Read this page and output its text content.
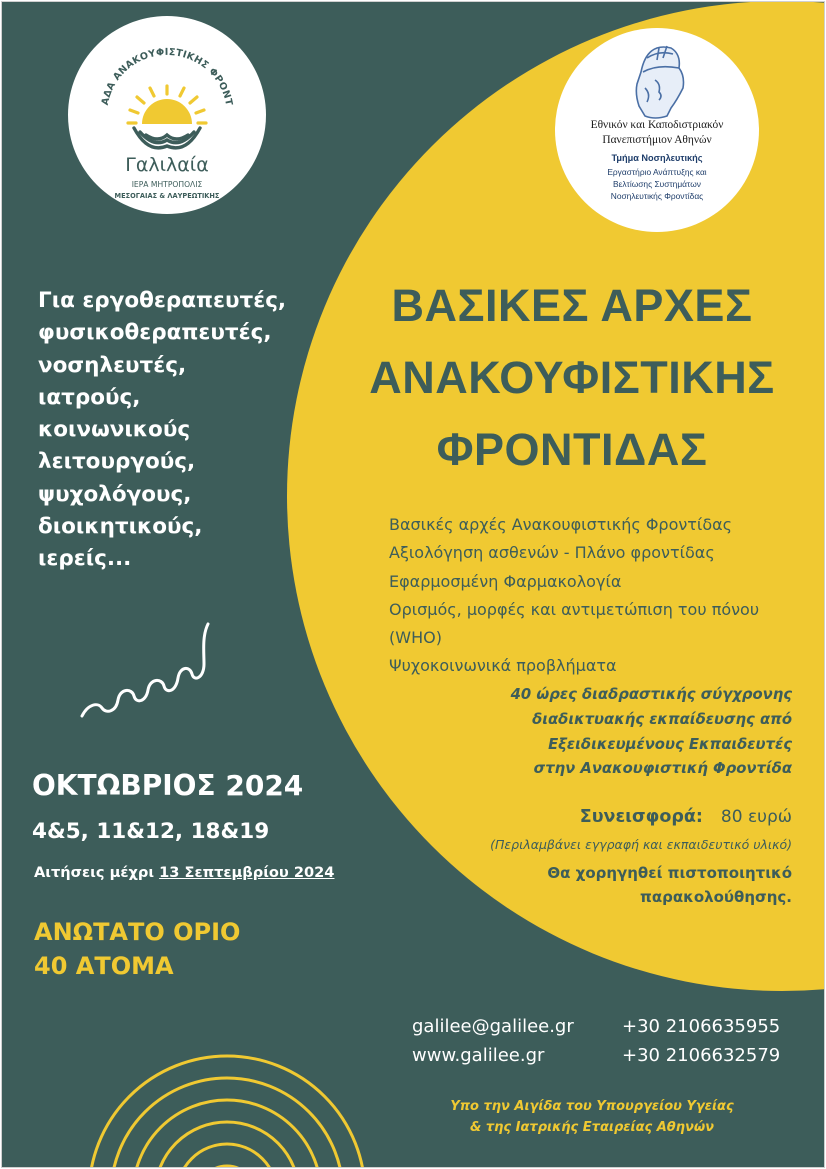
ΑΔΑ ΑΝΑΚΟΥΦΙΣΤΙΚΗΣ ΦΡΟΝΤ
Γαλιλαία
ΙΕΡΑ ΜΗΤΡΟΠΟΛΙΣ
ΜΕΣΟΓΑΙΑΣ & ΛΑΥΡΕΩΤΙΚΗΣ
Εθνικόν και Καποδιστριακόν
Πανεπιστήμιον Αθηνών
Τμήμα Νοσηλευτικής
Εργαστήριο Ανάπτυξης και
Βελτίωσης Συστημάτων
Νοσηλευτικής Φροντίδας
Για εργοθεραπευτές,
φυσικοθεραπευτές,
νοσηλευτές,
ιατρούς,
κοινωνικούς
λειτουργούς,
ψυχολόγους,
διοικητικούς,
ιερείς...
ΒΑΣΙΚΕΣ ΑΡΧΕΣ
ΑΝΑΚΟΥΦΙΣΤΙΚΗΣ
ΦΡΟΝΤΙΔΑΣ
Βασικές αρχές Ανακουφιστικής Φροντίδας
Αξιολόγηση ασθενών - Πλάνο φροντίδας
Εφαρμοσμένη Φαρμακολογία
Ορισμός, μορφές και αντιμετώπιση του πόνου
(WHO)
Ψυχοκοινωνικά προβλήματα
40 ώρες διαδραστικής σύγχρονης
διαδικτυακής εκπαίδευσης από
Εξειδικευμένους Εκπαιδευτές
στην Ανακουφιστική Φροντίδα
Συνεισφορά: 80 ευρώ
(Περιλαμβάνει εγγραφή και εκπαιδευτικό υλικό)
Θα χορηγηθεί πιστοποιητικό
παρακολούθησης.
ΟΚΤΩΒΡΙΟΣ 2024
4&5, 11&12, 18&19
Αιτήσεις μέχρι 13 Σεπτεμβρίου 2024
ΑΝΩΤΑΤΟ ΟΡΙΟ
40 ΑΤΟΜΑ
galilee@galilee.gr
www.galilee.gr
+30 2106635955
+30 2106632579
Υπο την Αιγίδα του Υπουργείου Υγείας
& της Ιατρικής Εταιρείας Αθηνών
